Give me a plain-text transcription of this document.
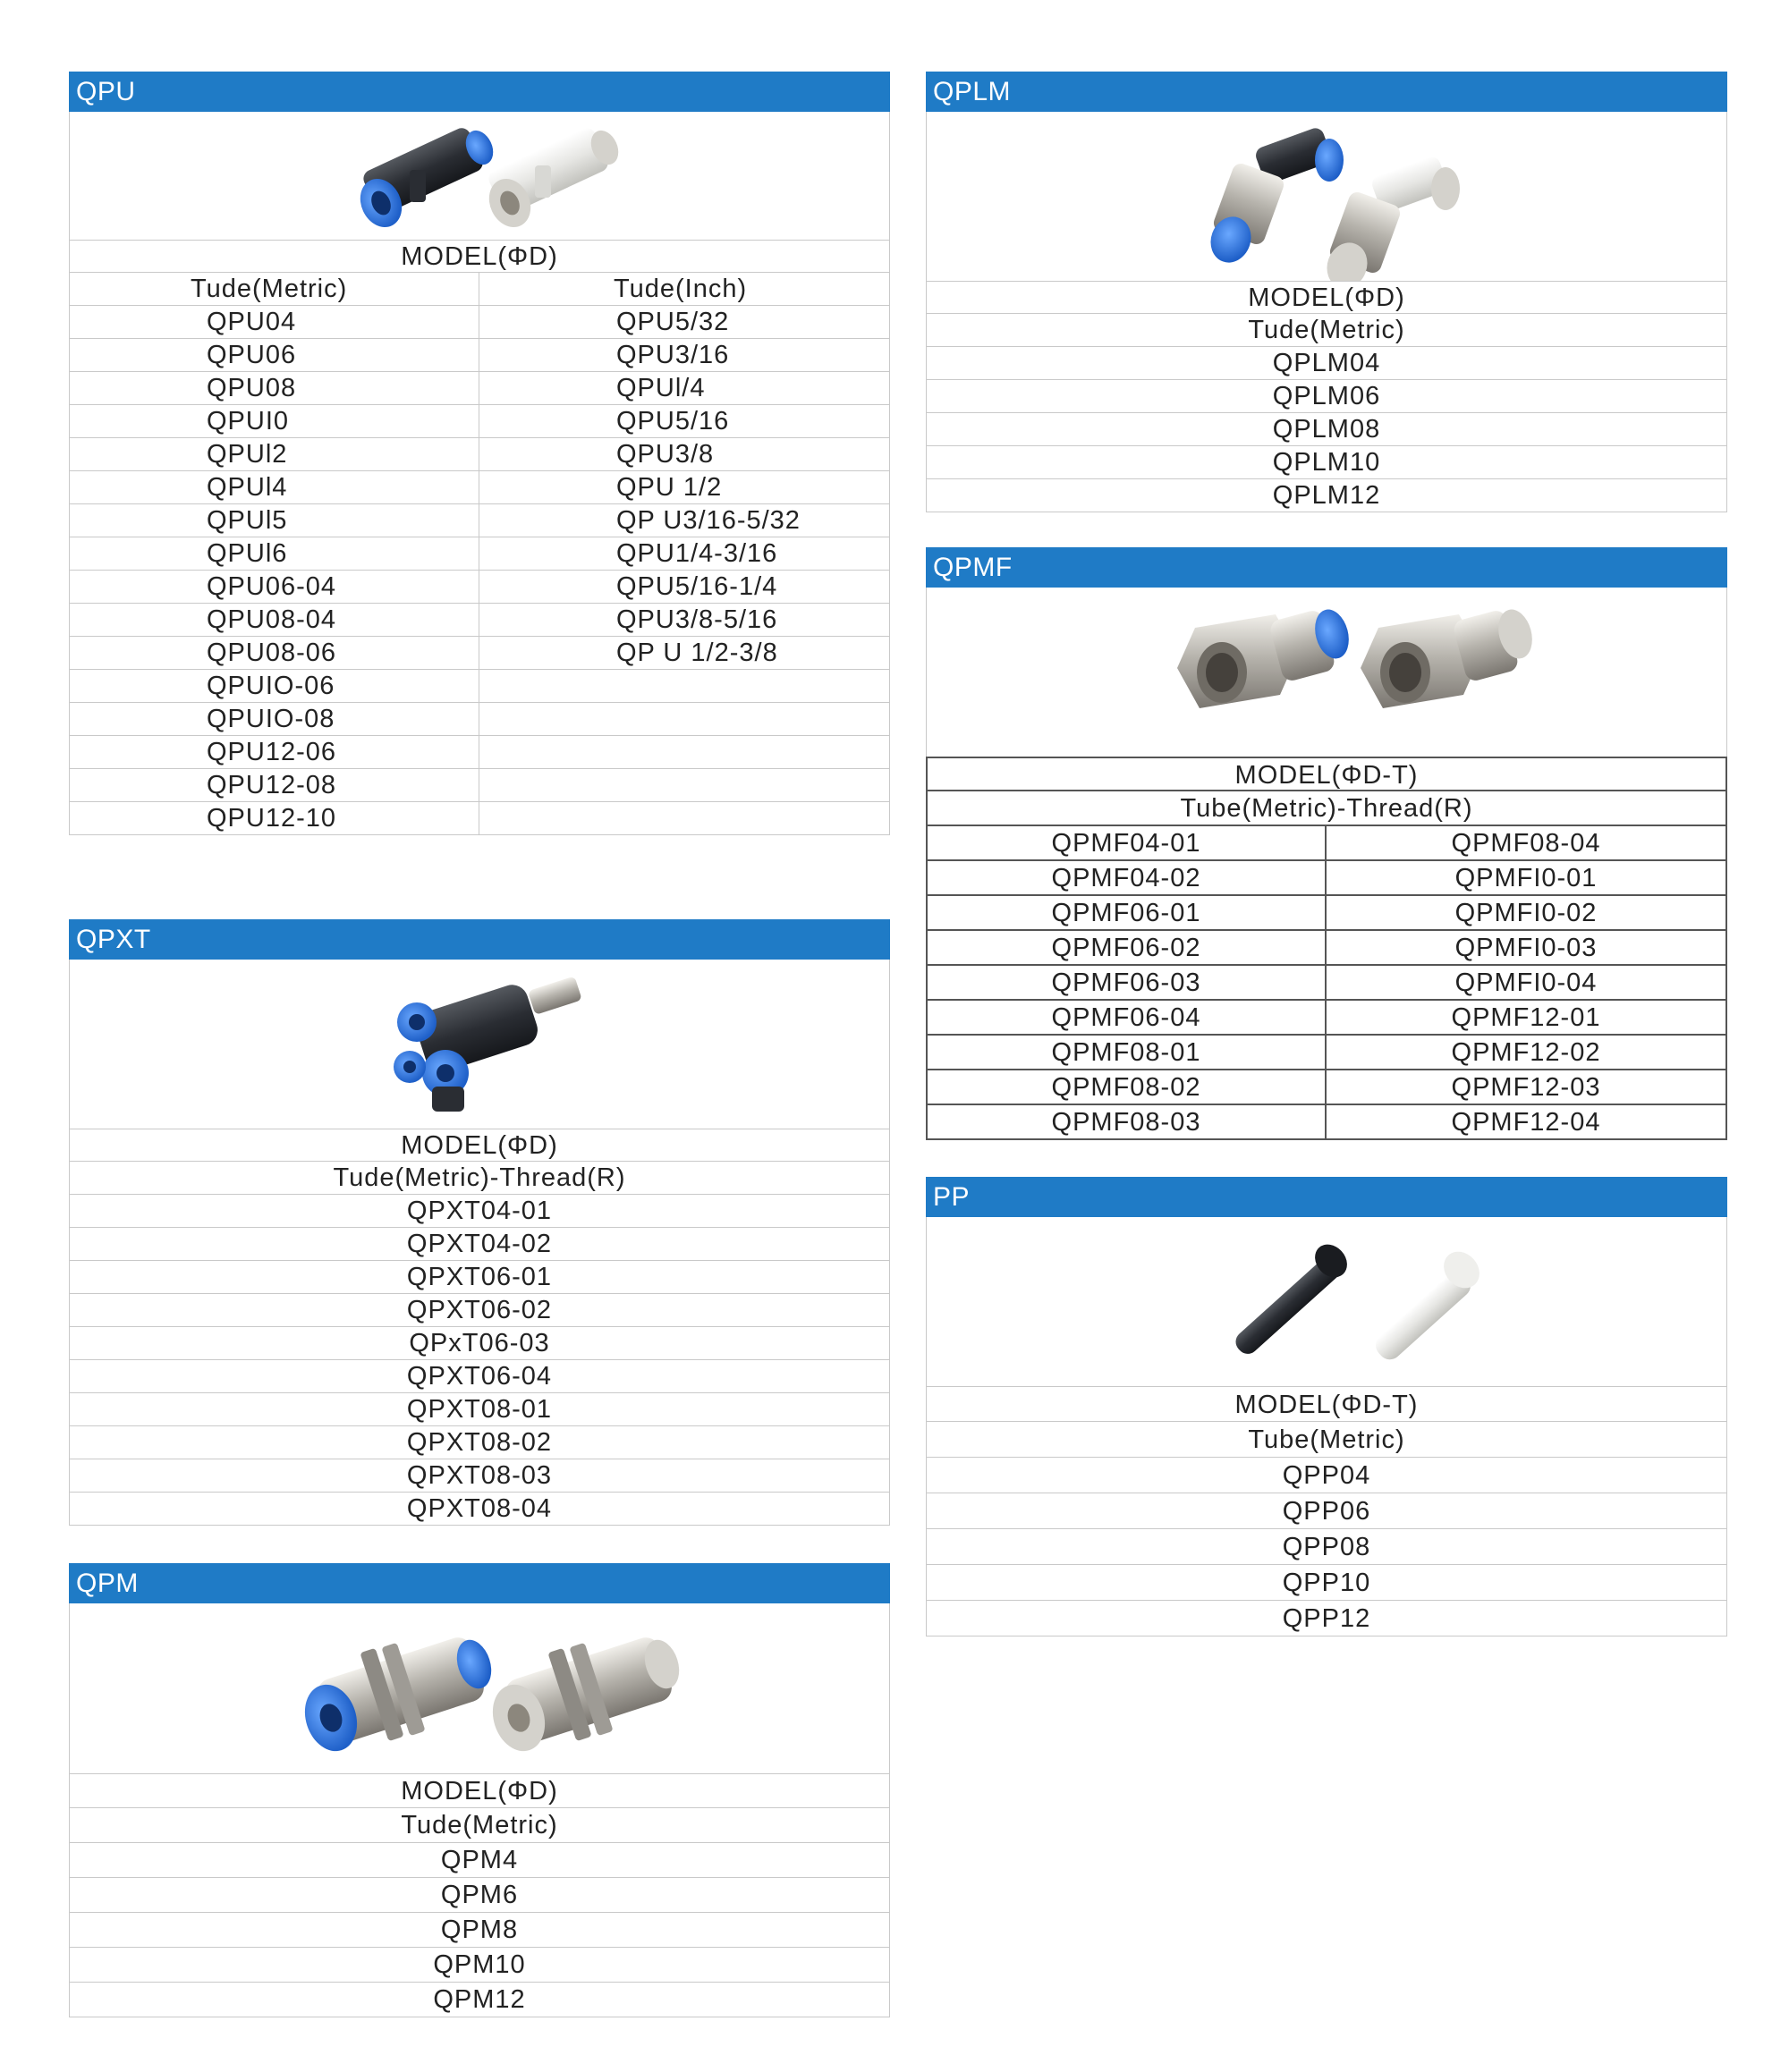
QPU
MODEL(ΦD)
Tude(Metric)	Tude(Inch)
QPU04	QPU5/32
QPU06	QPU3/16
QPU08	QPUl/4
QPUI0	QPU5/16
QPUl2	QPU3/8
QPUl4	QPU 1/2
QPUl5	QP U3/16-5/32
QPUl6	QPU1/4-3/16
QPU06-04	QPU5/16-1/4
QPU08-04	QPU3/8-5/16
QPU08-06	QP U 1/2-3/8
QPUIO-06
QPUIO-08
QPU12-06
QPU12-08
QPU12-10
QPXT
MODEL(ΦD)
Tude(Metric)-Thread(R)
QPXT04-01
QPXT04-02
QPXT06-01
QPXT06-02
QPxT06-03
QPXT06-04
QPXT08-01
QPXT08-02
QPXT08-03
QPXT08-04
QPM
MODEL(ΦD)
Tude(Metric)
QPM4
QPM6
QPM8
QPM10
QPM12
QPLM
MODEL(ΦD)
Tude(Metric)
QPLM04
QPLM06
QPLM08
QPLM10
QPLM12
QPMF
MODEL(ΦD-T)
Tube(Metric)-Thread(R)
QPMF04-01	QPMF08-04
QPMF04-02	QPMFI0-01
QPMF06-01	QPMFI0-02
QPMF06-02	QPMFI0-03
QPMF06-03	QPMFI0-04
QPMF06-04	QPMF12-01
QPMF08-01	QPMF12-02
QPMF08-02	QPMF12-03
QPMF08-03	QPMF12-04
PP
MODEL(ΦD-T)
Tube(Metric)
QPP04
QPP06
QPP08
QPP10
QPP12
